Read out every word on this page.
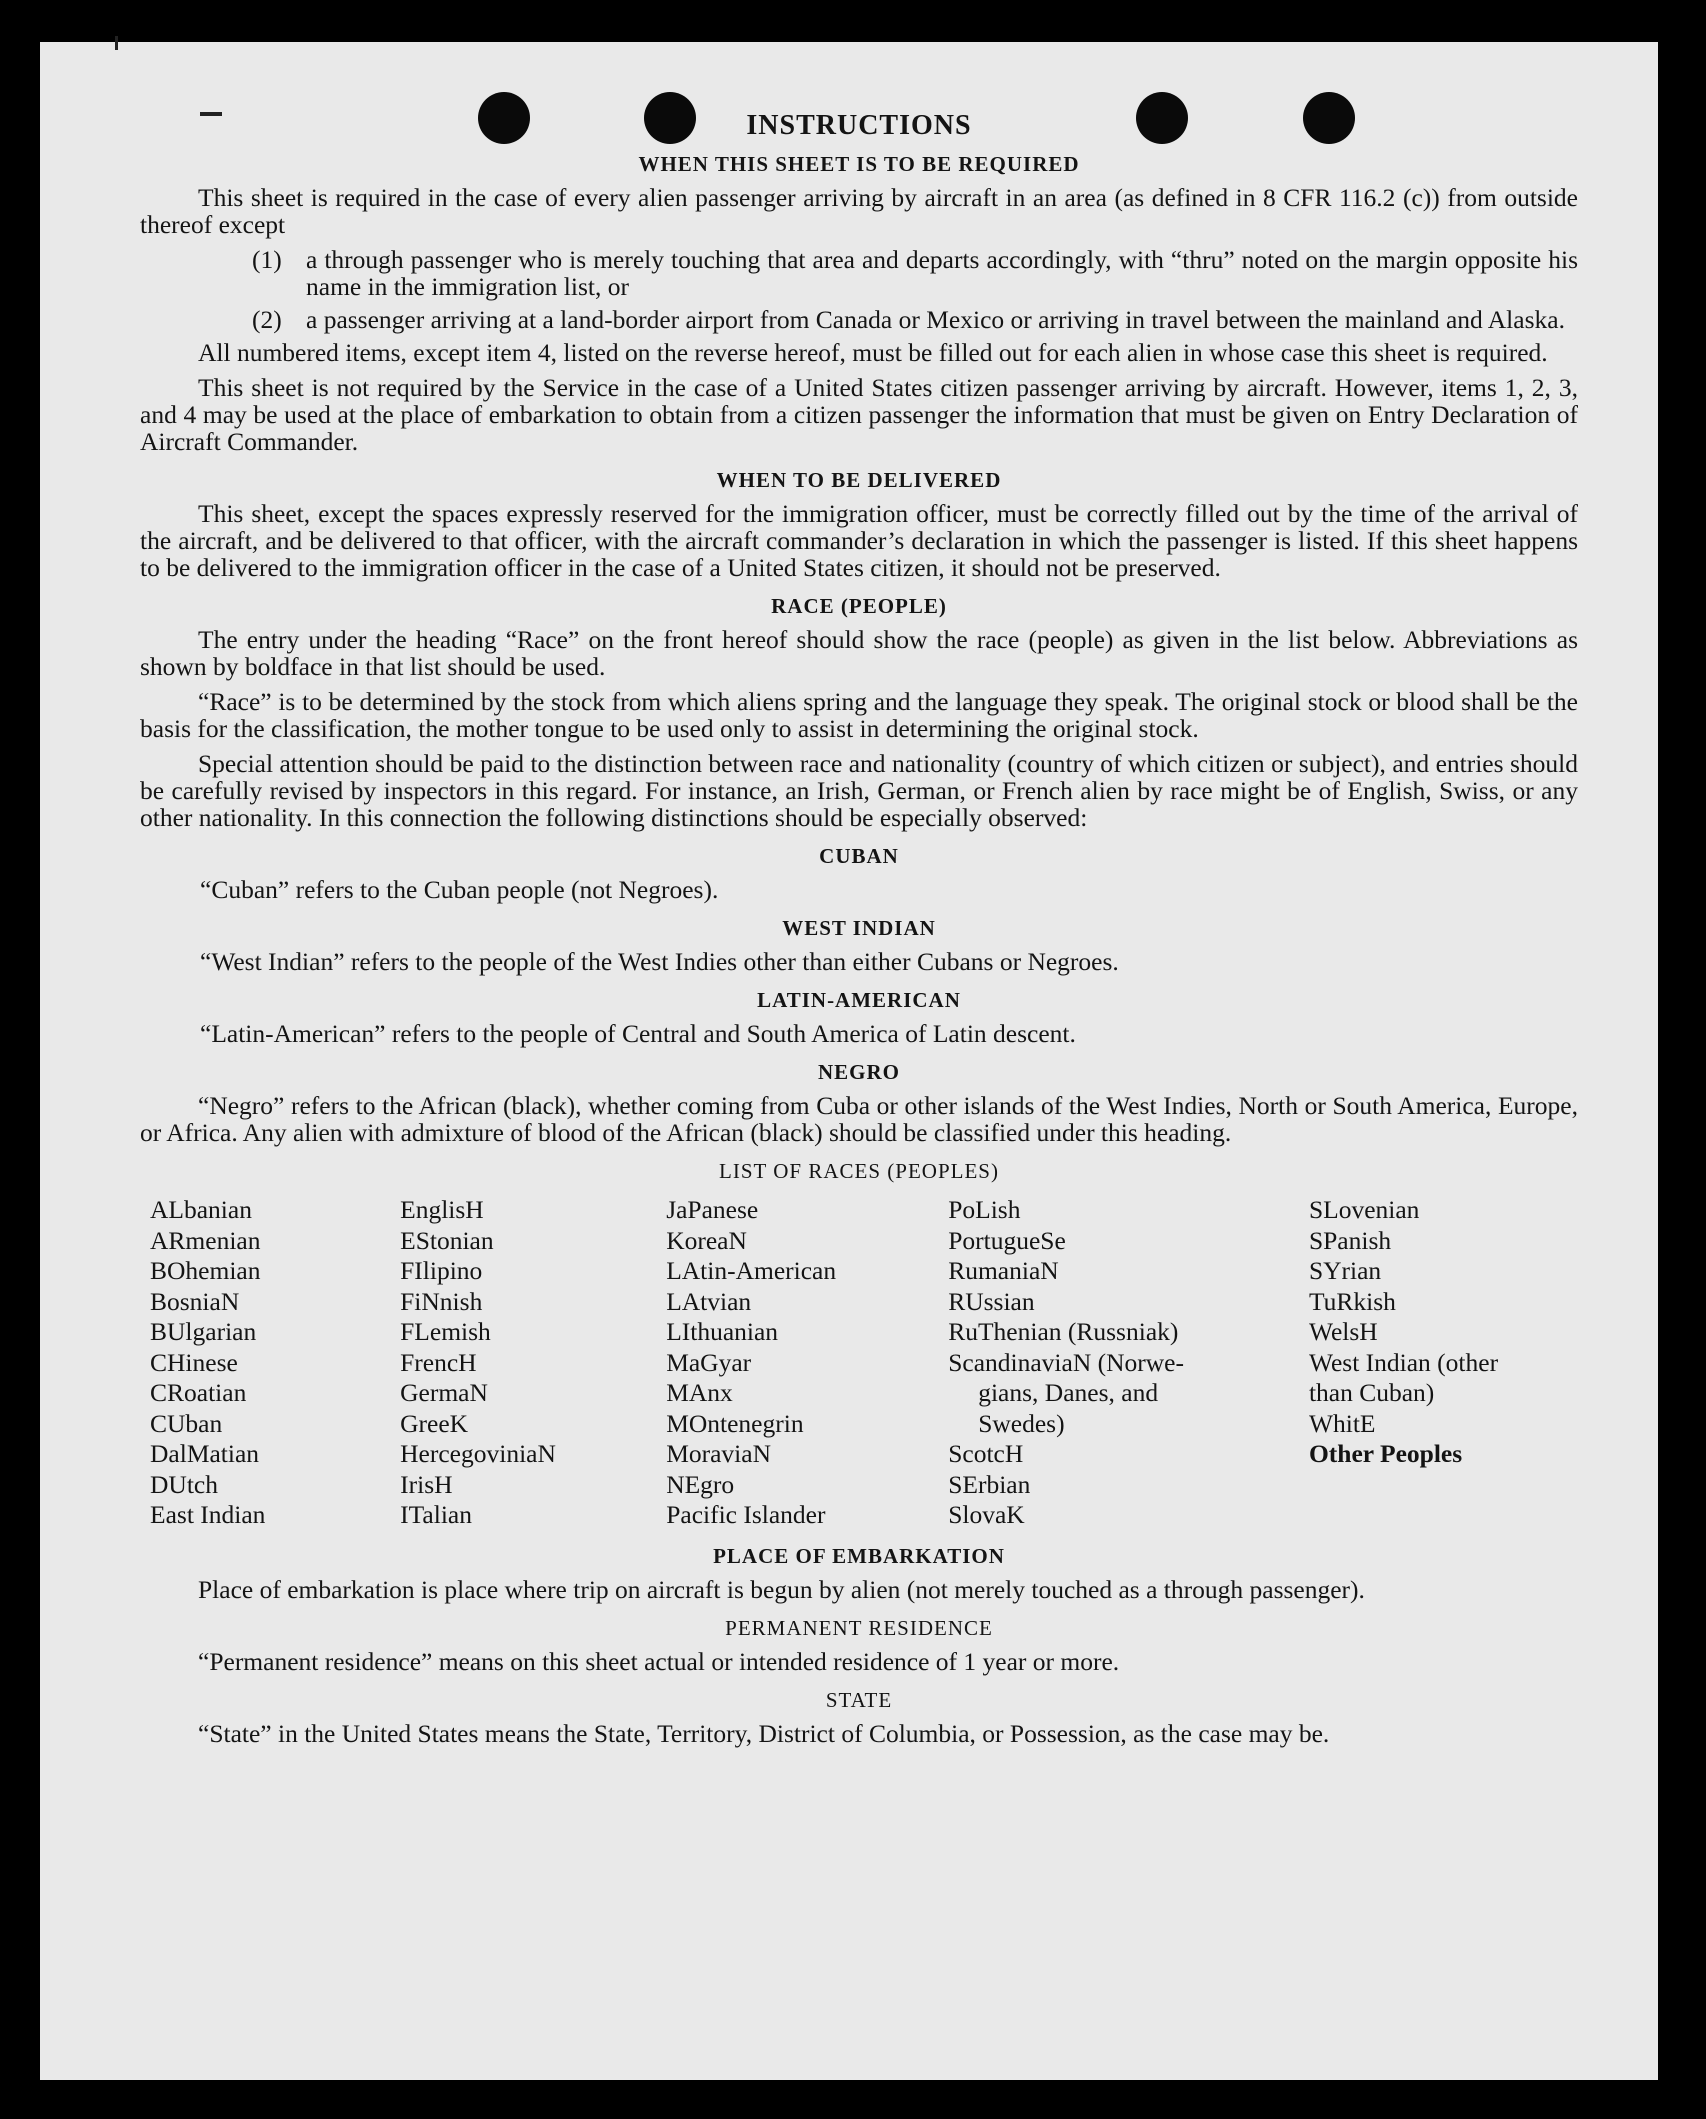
INSTRUCTIONS
WHEN THIS SHEET IS TO BE REQUIRED

This sheet is required in the case of every alien passenger arriving by aircraft in an area (as defined in 8 CFR 116.2 (c)) from outside thereof except

(1) a through passenger who is merely touching that area and departs accordingly, with “thru” noted on the margin opposite his name in the immigration list, or
(2) a passenger arriving at a land-border airport from Canada or Mexico or arriving in travel between the mainland and Alaska.

All numbered items, except item 4, listed on the reverse hereof, must be filled out for each alien in whose case this sheet is required.

This sheet is not required by the Service in the case of a United States citizen passenger arriving by aircraft. However, items 1, 2, 3, and 4 may be used at the place of embarkation to obtain from a citizen passenger the information that must be given on Entry Declaration of Aircraft Commander.

WHEN TO BE DELIVERED

This sheet, except the spaces expressly reserved for the immigration officer, must be correctly filled out by the time of the arrival of the aircraft, and be delivered to that officer, with the aircraft commander’s declaration in which the passenger is listed. If this sheet happens to be delivered to the immigration officer in the case of a United States citizen, it should not be preserved.

RACE (PEOPLE)

The entry under the heading “Race” on the front hereof should show the race (people) as given in the list below. Abbreviations as shown by boldface in that list should be used.

“Race” is to be determined by the stock from which aliens spring and the language they speak. The original stock or blood shall be the basis for the classification, the mother tongue to be used only to assist in determining the original stock.

Special attention should be paid to the distinction between race and nationality (country of which citizen or subject), and entries should be carefully revised by inspectors in this regard. For instance, an Irish, German, or French alien by race might be of English, Swiss, or any other nationality. In this connection the following distinctions should be especially observed:

CUBAN
“Cuban” refers to the Cuban people (not Negroes).
WEST INDIAN
“West Indian” refers to the people of the West Indies other than either Cubans or Negroes.
LATIN-AMERICAN
“Latin-American” refers to the people of Central and South America of Latin descent.
NEGRO

“Negro” refers to the African (black), whether coming from Cuba or other islands of the West Indies, North or South America, Europe, or Africa. Any alien with admixture of blood of the African (black) should be classified under this heading.

LIST OF RACES (PEOPLES)
ALbanian
ARmenian
BOhemian
BosniaN
BUlgarian
CHinese
CRoatian
CUban
DalMatian
DUtch
East Indian
EnglisH
EStonian
FIlipino
FiNnish
FLemish
FrencH
GermaN
GreeK
HercegoviniaN
IrisH
ITalian
JaPanese
KoreaN
LAtin-American
LAtvian
LIthuanian
MaGyar
MAnx
MOntenegrin
MoraviaN
NEgro
Pacific Islander
PoLish
PortugueSe
RumaniaN
RUssian
RuThenian (Russniak)
ScandinaviaN (Norwe-
gians, Danes, and
Swedes)
ScotcH
SErbian
SlovaK
SLovenian
SPanish
SYrian
TuRkish
WelsH
West Indian (other
than Cuban)
WhitE
Other Peoples
PLACE OF EMBARKATION

Place of embarkation is place where trip on aircraft is begun by alien (not merely touched as a through passenger).

PERMANENT RESIDENCE

“Permanent residence” means on this sheet actual or intended residence of 1 year or more.

STATE

“State” in the United States means the State, Territory, District of Columbia, or Possession, as the case may be.
